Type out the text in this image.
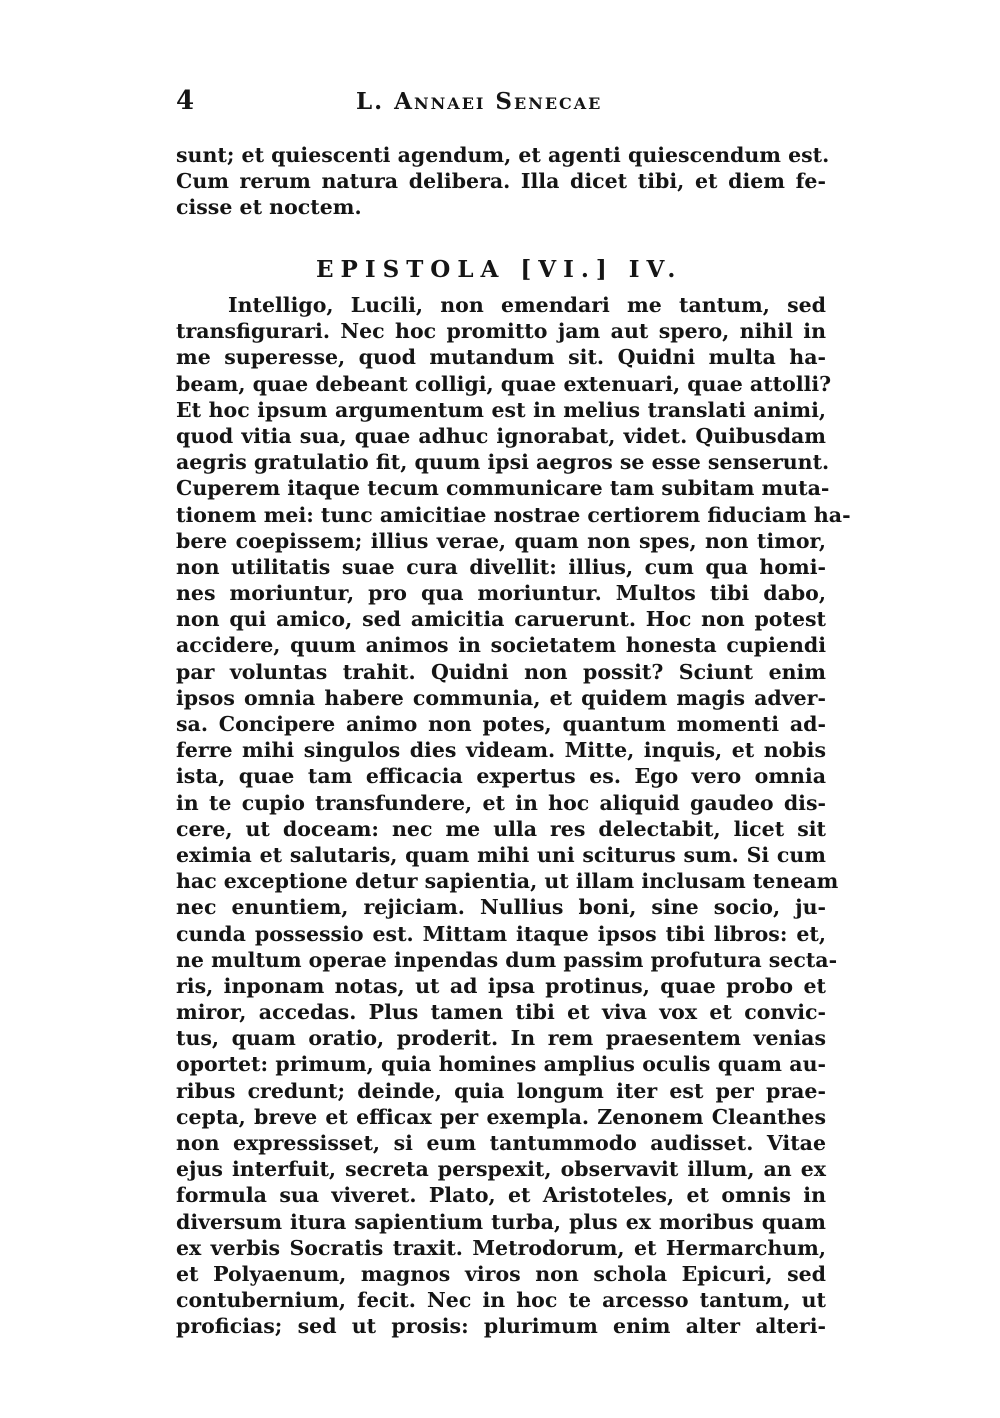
4	L. Annaei Senecae
sunt; et quiescenti agendum, et agenti quiescendum est.
Cum rerum natura delibera. Illa dicet tibi, et diem fe-
cisse et noctem.
EPISTOLA [VI.] IV.
Intelligo, Lucili, non emendari me tantum, sed
transfigurari. Nec hoc promitto jam aut spero, nihil in
me superesse, quod mutandum sit. Quidni multa ha-
beam, quae debeant colligi, quae extenuari, quae attolli?
Et hoc ipsum argumentum est in melius translati animi,
quod vitia sua, quae adhuc ignorabat, videt. Quibusdam
aegris gratulatio fit, quum ipsi aegros se esse senserunt.
Cuperem itaque tecum communicare tam subitam muta-
tionem mei: tunc amicitiae nostrae certiorem fiduciam ha-
bere coepissem; illius verae, quam non spes, non timor,
non utilitatis suae cura divellit: illius, cum qua homi-
nes moriuntur, pro qua moriuntur. Multos tibi dabo,
non qui amico, sed amicitia caruerunt. Hoc non potest
accidere, quum animos in societatem honesta cupiendi
par voluntas trahit. Quidni non possit? Sciunt enim
ipsos omnia habere communia, et quidem magis adver-
sa. Concipere animo non potes, quantum momenti ad-
ferre mihi singulos dies videam. Mitte, inquis, et nobis
ista, quae tam efficacia expertus es. Ego vero omnia
in te cupio transfundere, et in hoc aliquid gaudeo dis-
cere, ut doceam: nec me ulla res delectabit, licet sit
eximia et salutaris, quam mihi uni sciturus sum. Si cum
hac exceptione detur sapientia, ut illam inclusam teneam
nec enuntiem, rejiciam. Nullius boni, sine socio, ju-
cunda possessio est. Mittam itaque ipsos tibi libros: et,
ne multum operae inpendas dum passim profutura secta-
ris, inponam notas, ut ad ipsa protinus, quae probo et
miror, accedas. Plus tamen tibi et viva vox et convic-
tus, quam oratio, proderit. In rem praesentem venias
oportet: primum, quia homines amplius oculis quam au-
ribus credunt; deinde, quia longum iter est per prae-
cepta, breve et efficax per exempla. Zenonem Cleanthes
non expressisset, si eum tantummodo audisset. Vitae
ejus interfuit, secreta perspexit, observavit illum, an ex
formula sua viveret. Plato, et Aristoteles, et omnis in
diversum itura sapientium turba, plus ex moribus quam
ex verbis Socratis traxit. Metrodorum, et Hermarchum,
et Polyaenum, magnos viros non schola Epicuri, sed
contubernium, fecit. Nec in hoc te arcesso tantum, ut
proficias; sed ut prosis: plurimum enim alter alteri-
